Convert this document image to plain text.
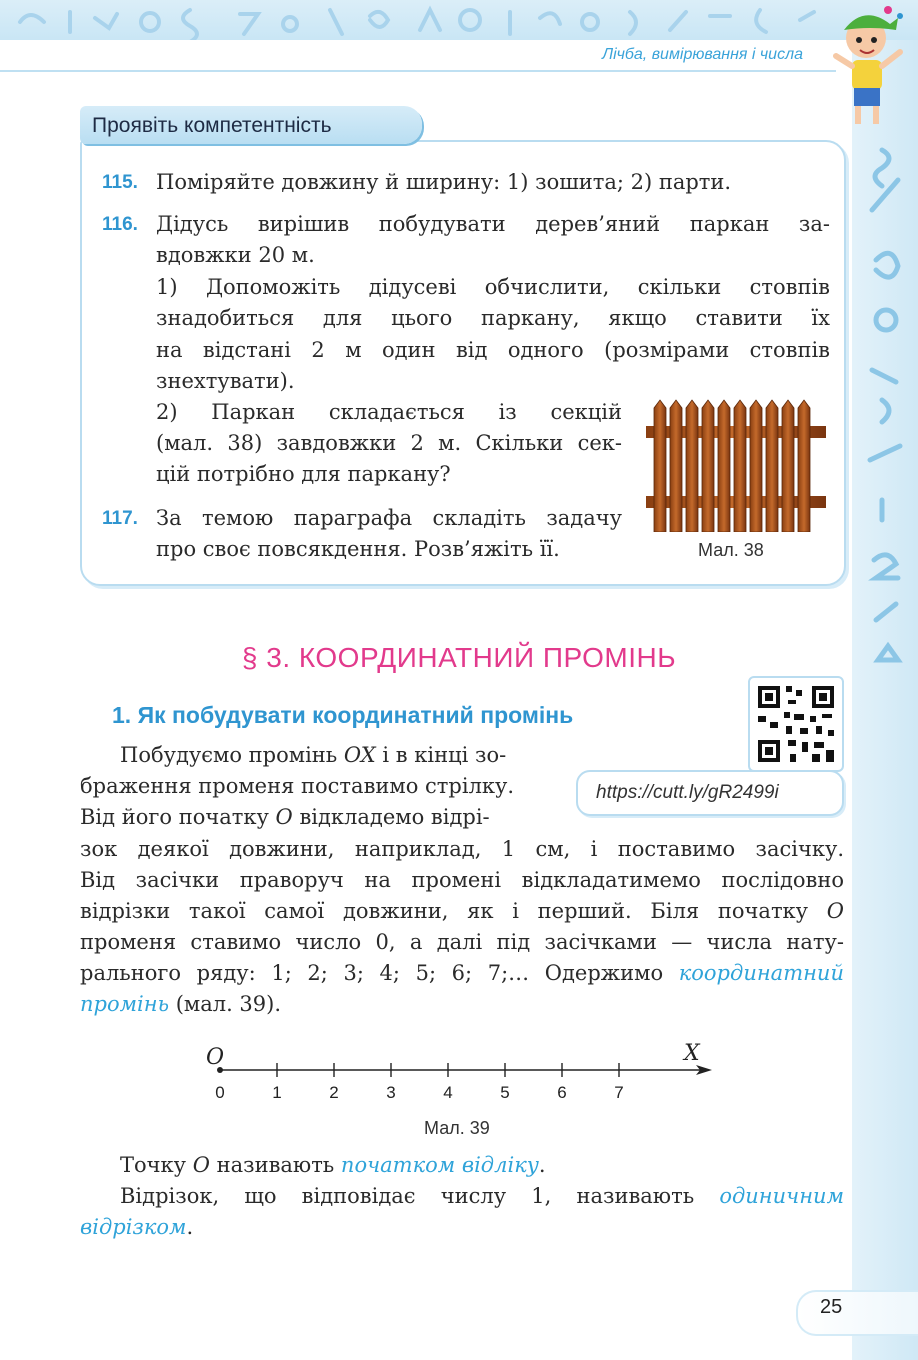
Лічба, вимірювання і числа
Проявіть компетентність
115. Поміряйте довжину й ширину: 1) зошита; 2) парти.
116. Дідусь вирішив побудувати дерев’яний паркан за-
вдовжки 20 м.
1) Допоможіть дідусеві обчислити, скільки стовпів
знадобиться для цього паркану, якщо ставити їх
на відстані 2 м один від одного (розмірами стовпів
знехтувати).
2) Паркан складається із секцій
(мал. 38) завдовжки 2 м. Скільки сек-
цій потрібно для паркану?
117. За темою параграфа складіть задачу
про своє повсякдення. Розв’яжіть її.	Мал. 38
§ 3. КООРДИНАТНИЙ ПРОМІНЬ
1. Як побудувати координатний промінь
https://cutt.ly/gR2499i
Побудуємо промінь OX і в кінці зо-
браження променя поставимо стрілку.
Від його початку O відкладемо відрі-
зок деякої довжини, наприклад, 1 см, і поставимо засічку.
Від засічки праворуч на промені відкладатимемо послідовно
відрізки такої самої довжини, як і перший. Біля початку O
променя ставимо число 0, а далі під засічками — числа нату-
рального ряду: 1; 2; 3; 4; 5; 6; 7;… Одержимо координатний
промінь (мал. 39).
O	X
0	1	2	3	4	5	6	7
Мал. 39
Точку O називають початком відліку.
Відрізок, що відповідає числу 1, називають одиничним
відрізком.
25
